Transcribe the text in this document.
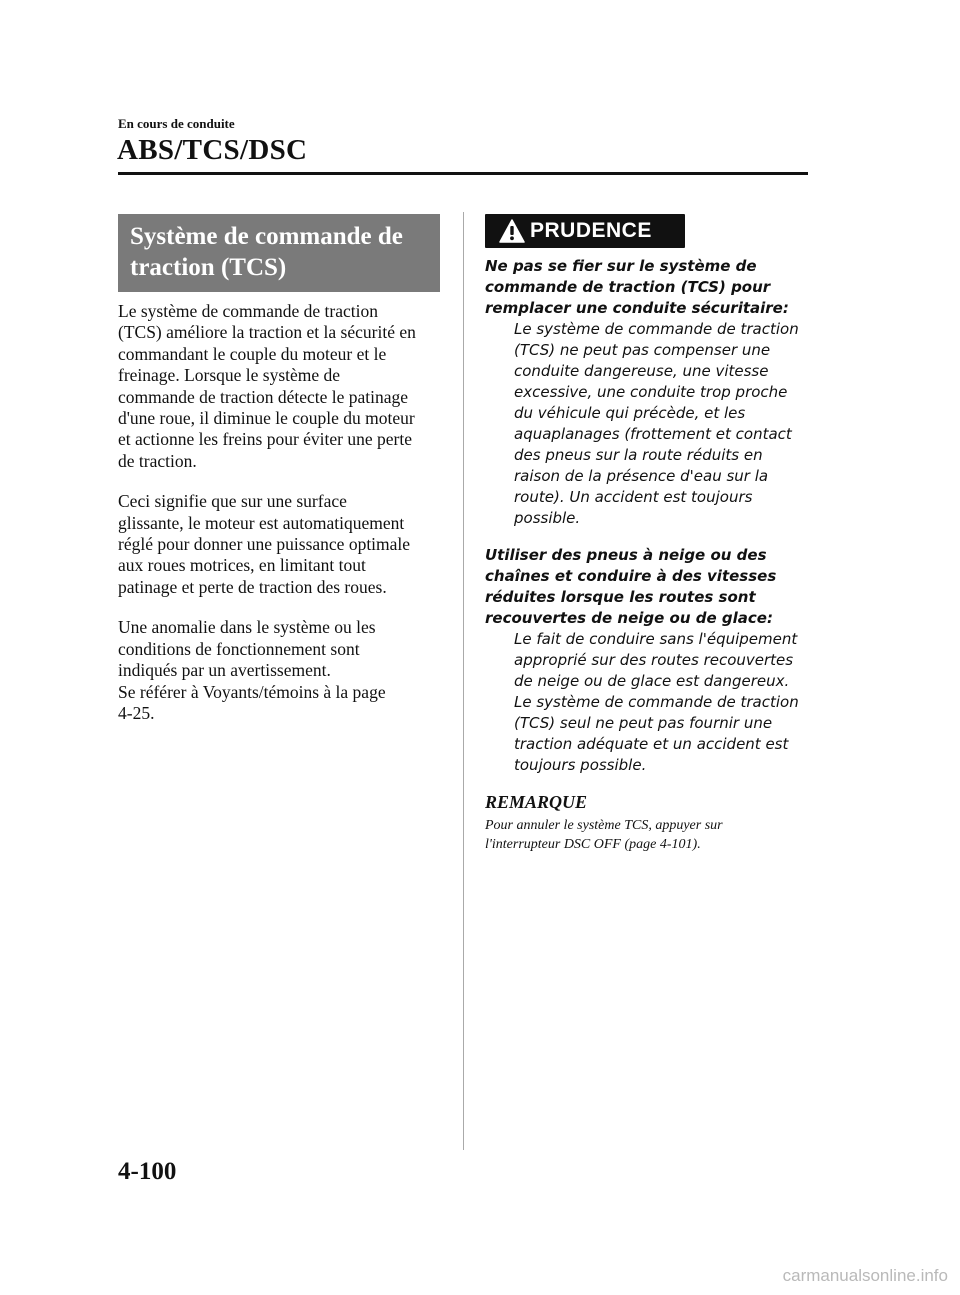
En cours de conduite
ABS/TCS/DSC
Système de commande de
traction (TCS)

Le système de commande de traction
(TCS) améliore la traction et la sécurité en
commandant le couple du moteur et le
freinage. Lorsque le système de
commande de traction détecte le patinage
d'une roue, il diminue le couple du moteur
et actionne les freins pour éviter une perte
de traction.

Ceci signifie que sur une surface
glissante, le moteur est automatiquement
réglé pour donner une puissance optimale
aux roues motrices, en limitant tout
patinage et perte de traction des roues.

Une anomalie dans le système ou les
conditions de fonctionnement sont
indiqués par un avertissement.
Se référer à Voyants/témoins à la page
4-25.

PRUDENCE

Ne pas se fier sur le système de
commande de traction (TCS) pour
remplacer une conduite sécuritaire:

Le système de commande de traction
(TCS) ne peut pas compenser une
conduite dangereuse, une vitesse
excessive, une conduite trop proche
du véhicule qui précède, et les
aquaplanages (frottement et contact
des pneus sur la route réduits en
raison de la présence d'eau sur la
route). Un accident est toujours
possible.

Utiliser des pneus à neige ou des
chaînes et conduire à des vitesses
réduites lorsque les routes sont
recouvertes de neige ou de glace:

Le fait de conduire sans l'équipement
approprié sur des routes recouvertes
de neige ou de glace est dangereux.
Le système de commande de traction
(TCS) seul ne peut pas fournir une
traction adéquate et un accident est
toujours possible.

REMARQUE
Pour annuler le système TCS, appuyer sur
l'interrupteur DSC OFF (page 4-101).
4-100
carmanualsonline.info
